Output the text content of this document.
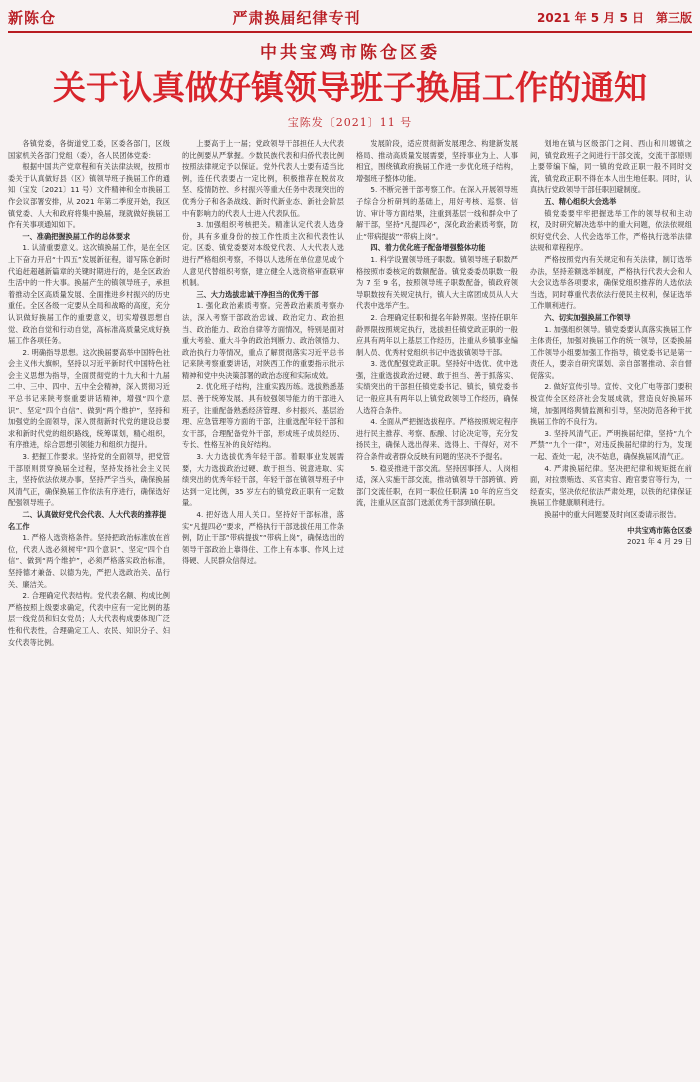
新陈仓	严肃换届纪律专刊	2021 年 5 月 5 日　第三版
中共宝鸡市陈仓区委
关于认真做好镇领导班子换届工作的通知
宝陈发〔2021〕11 号

各镇党委，各街道党工委，区委各部门，区级国家机关各部门党组（委），各人民团体党委：

根据中国共产党章程和有关法律法规，按照市委关于认真做好县（区）镇领导班子换届工作的通知（宝发〔2021〕11 号）文件精神和全市换届工作会议部署安排，从 2021 年第二季度开始，我区镇党委、人大和政府将集中换届，现就做好换届工作有关事项通知如下。

一、准确把握换届工作的总体要求

1. 认清重要意义。这次镇换届工作，是在全区上下奋力开启“十四五”发展新征程，谱写陈仓新时代追赶超越新篇章的关键时期进行的，是全区政治生活中的一件大事。换届产生的镇领导班子，承担着推动全区高质量发展、全面推进乡村振兴的历史重任。全区各级一定要从全局和战略的高度，充分认识做好换届工作的重要意义，切实增强思想自觉、政治自觉和行动自觉，高标准高质量完成好换届工作各项任务。

2. 明确指导思想。这次换届要高举中国特色社会主义伟大旗帜，坚持以习近平新时代中国特色社会主义思想为指导，全面贯彻党的十九大和十九届二中、三中、四中、五中全会精神，深入贯彻习近平总书记来陕考察重要讲话精神，增强“四个意识”、坚定“四个自信”、做到“两个维护”，坚持和加强党的全面领导，深入贯彻新时代党的建设总要求和新时代党的组织路线，统筹谋划，精心组织，有序推进，综合思想引领能力和组织力提升。

3. 把握工作要求。坚持党的全面领导，把党管干部原则贯穿换届全过程，坚持发扬社会主义民主，坚持依法依规办事，坚持严字当头，确保换届风清气正，确保换届工作依法有序进行，确保选好配强领导班子。

二、认真做好党代会代表、人大代表的推荐提名工作

1. 严格人选资格条件。坚持把政治标准放在首位，代表人选必须树牢“四个意识”、坚定“四个自信”、做到“两个维护”，必须严格落实政治标准，坚持德才兼备、以德为先，严把人选政治关、品行关、廉洁关。

2. 合理确定代表结构。党代表名额、构成比例严格按照上级要求确定，代表中应有一定比例的基层一线党员和妇女党员；人大代表构成要体现广泛性和代表性，合理确定工人、农民、知识分子、妇女代表等比例。

上要高于上一届；党政领导干部担任人大代表的比例要从严掌握。少数民族代表和归侨代表比例按照法律规定予以保证。党外代表人士要有适当比例，连任代表要占一定比例，积极推荐在脱贫攻坚、疫情防控、乡村振兴等重大任务中表现突出的优秀分子和各条战线、新时代新业态、新社会阶层中有影响力的代表人士进入代表队伍。

3. 加强组织考核把关。精准认定代表人选身份，具有多重身份的按工作性质主次和代表性认定。区委、镇党委要对本级党代表、人大代表人选进行严格组织考察，不得以人选所在单位意见或个人意见代替组织考察，建立健全人选资格审查联审机制。

三、大力选拔忠诚干净担当的优秀干部

1. 强化政治素质考察。完善政治素质考察办法，深入考察干部政治忠诚、政治定力、政治担当、政治能力、政治自律等方面情况，特别是面对重大考验、重大斗争的政治判断力、政治领悟力、政治执行力等情况，重点了解贯彻落实习近平总书记来陕考察重要讲话，对陕西工作的重要指示批示精神和党中央决策部署的政治态度和实际成效。

2. 优化班子结构，注重实践历练。选拔熟悉基层、善于统筹发展、具有较强领导能力的干部进入班子，注重配备熟悉经济管理、乡村振兴、基层治理、应急管理等方面的干部，注重选配年轻干部和女干部，合理配备党外干部，形成班子成员经历、专长、性格互补的良好结构。

3. 大力选拔优秀年轻干部。着眼事业发展需要，大力选拔政治过硬、敢于担当、锐意进取、实绩突出的优秀年轻干部，年轻干部在镇领导班子中达到一定比例，35 岁左右的镇党政正职有一定数量。

4. 把好选人用人关口。坚持好干部标准，落实“凡提四必”要求，严格执行干部选拔任用工作条例，防止干部“带病提拔”“带病上岗”，确保选出的领导干部政治上靠得住、工作上有本事、作风上过得硬、人民群众信得过。

发展阶段，适应贯彻新发展理念、构建新发展格局、推动高质量发展需要，坚持事业为上、人事相宜，围绕镇政府换届工作进一步优化班子结构，增强班子整体功能。

5. 不断完善干部考察工作。在深入开展领导班子综合分析研判的基础上，用好考核、巡察、信访、审计等方面结果，注重到基层一线和群众中了解干部，坚持“凡提四必”，深化政治素质考察，防止“带病提拔”“带病上岗”。

四、着力优化班子配备增强整体功能

1. 科学设置领导班子职数。镇领导班子职数严格按照市委核定的数额配备。镇党委委员职数一般为 7 至 9 名，按照领导班子职数配备，镇政府领导职数按有关规定执行，镇人大主席团成员从人大代表中选举产生。

2. 合理确定任职和提名年龄界限。坚持任职年龄界限按照规定执行，选拔担任镇党政正职的一般应具有两年以上基层工作经历，注重从乡镇事业编制人员、优秀村党组织书记中选拔镇领导干部。

3. 选优配强党政正职。坚持好中选优、优中选强，注重选拔政治过硬、敢于担当、善于抓落实、实绩突出的干部担任镇党委书记、镇长，镇党委书记一般应具有两年以上镇党政领导工作经历，确保人选符合条件。

4. 全面从严把握选拔程序。严格按照规定程序进行民主推荐、考察、酝酿、讨论决定等，充分发扬民主，确保人选出得来、选得上、干得好，对不符合条件或者群众反映有问题的坚决不予提名。

5. 稳妥推进干部交流。坚持因事择人、人岗相适，深入实施干部交流，推动镇领导干部跨镇、跨部门交流任职，在同一职位任职满 10 年的应当交流，注重从区直部门选派优秀干部到镇任职。

划地在镇与区级部门之间、西山和川塬镇之间，镇党政班子之间进行干部交流，交流干部原则上要带编下编，同一镇的党政正职一般不同时交流，镇党政正职不得在本人出生地任职。同时，认真执行党政领导干部任职回避制度。

五、精心组织大会选举

镇党委要牢牢把握选举工作的领导权和主动权，及时研究解决选举中的重大问题，依法依规组织好党代会、人代会选举工作，严格执行选举法律法规和章程程序。

严格按照党内有关规定和有关法律，制订选举办法，坚持差额选举制度，严格执行代表大会和人大会议选举各项要求，确保党组织推荐的人选依法当选，同时尊重代表依法行使民主权利，保证选举工作顺利进行。

六、切实加强换届工作领导

1. 加强组织领导。镇党委要认真落实换届工作主体责任，加强对换届工作的统一领导，区委换届工作领导小组要加强工作指导，镇党委书记是第一责任人，要亲自研究谋划、亲自部署推动、亲自督促落实。

2. 做好宣传引导。宣传、文化广电等部门要积极宣传全区经济社会发展成就，营造良好换届环境，加强网络舆情监测和引导，坚决防范各种干扰换届工作的不良行为。

3. 坚持风清气正。严明换届纪律，坚持“九个严禁”“九个一律”，对违反换届纪律的行为，发现一起、查处一起，决不姑息，确保换届风清气正。

4. 严肃换届纪律。坚决把纪律和规矩挺在前面，对拉票贿选、买官卖官、跑官要官等行为，一经查实，坚决依纪依法严肃处理，以铁的纪律保证换届工作健康顺利进行。

换届中的重大问题要及时向区委请示报告。

中共宝鸡市陈仓区委

2021 年 4 月 29 日
